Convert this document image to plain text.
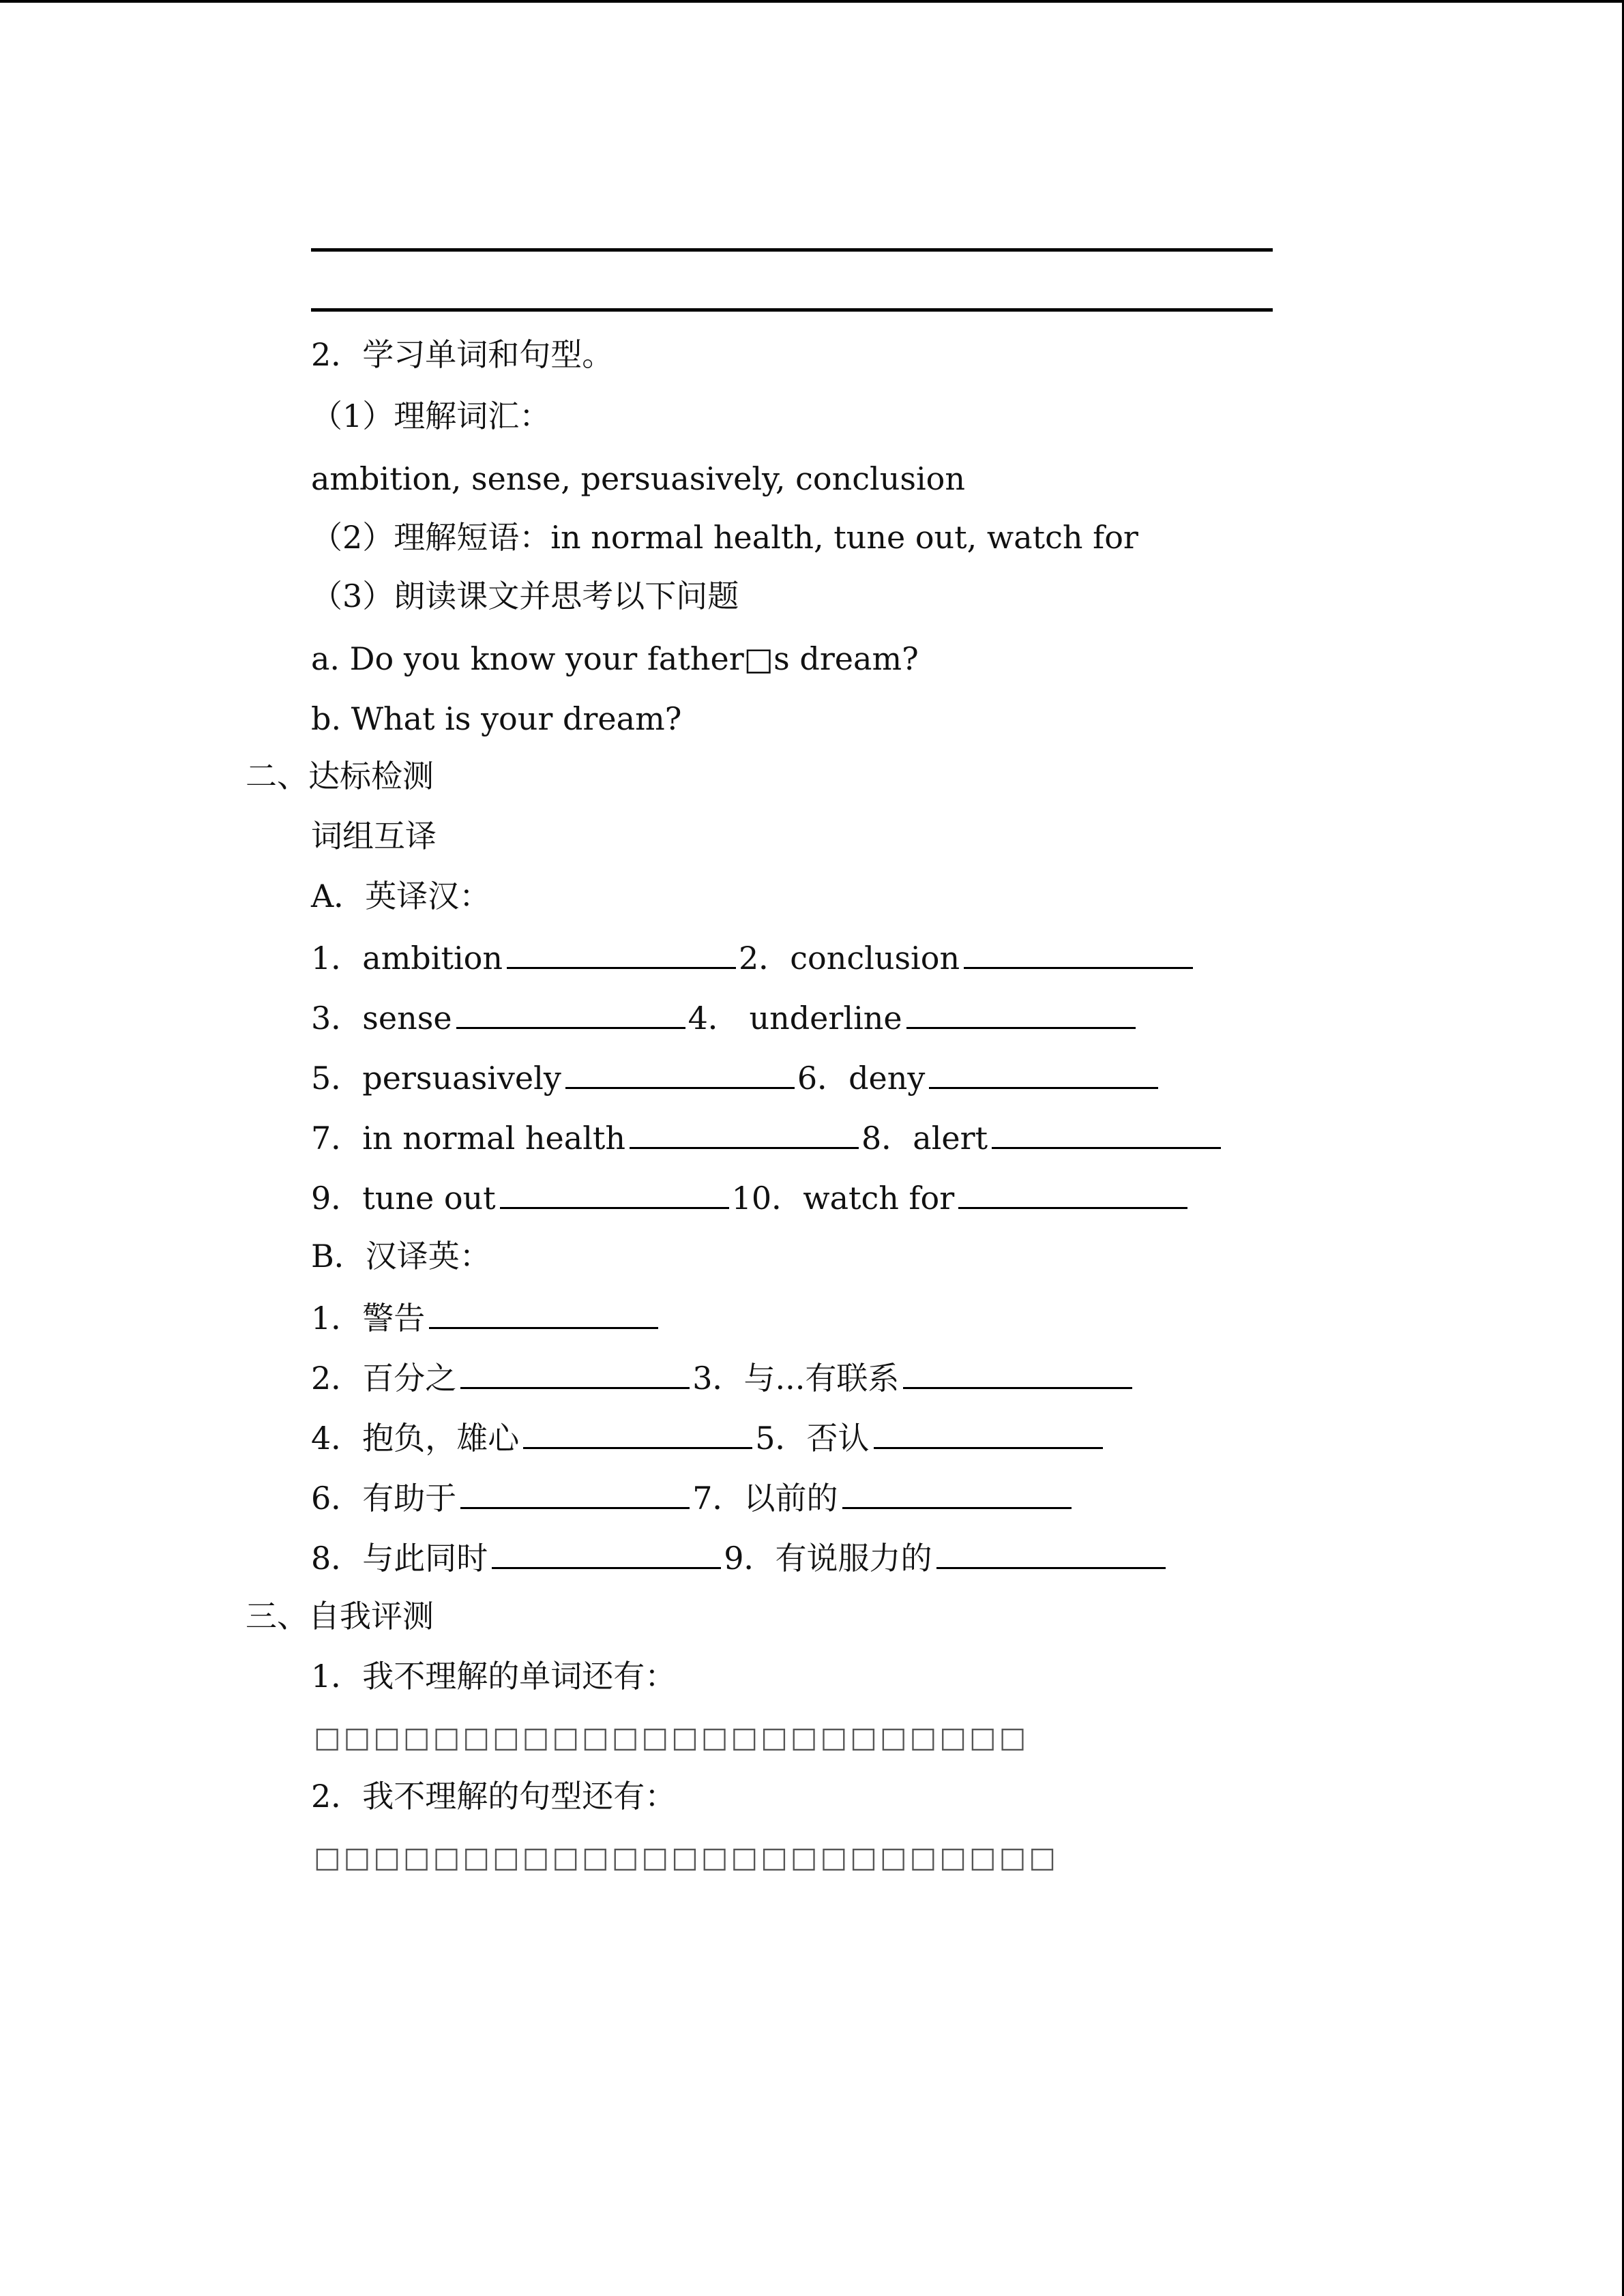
2．学习单词和句型。
（1）理解词汇：
ambition, sense, persuasively, conclusion
（2）理解短语：in normal health, tune out, watch for
（3）朗读课文并思考以下问题
a. Do you know your father□s dream?
b. What is your dream?
二、达标检测
词组互译
A．英译汉：
1．ambition	2．conclusion
3．sense	4． underline
5．persuasively	6．deny
7．in normal health	8．alert
9．tune out	10．watch for
B．汉译英：
1．警告
2．百分之	3．与...有联系
4．抱负，雄心	5．否认
6．有助于	7．以前的
8．与此同时	9．有说服力的
三、自我评测
1．我不理解的单词还有：
□□□□□□□□□□□□□□□□□□□□□□□□
2．我不理解的句型还有：
□□□□□□□□□□□□□□□□□□□□□□□□□
